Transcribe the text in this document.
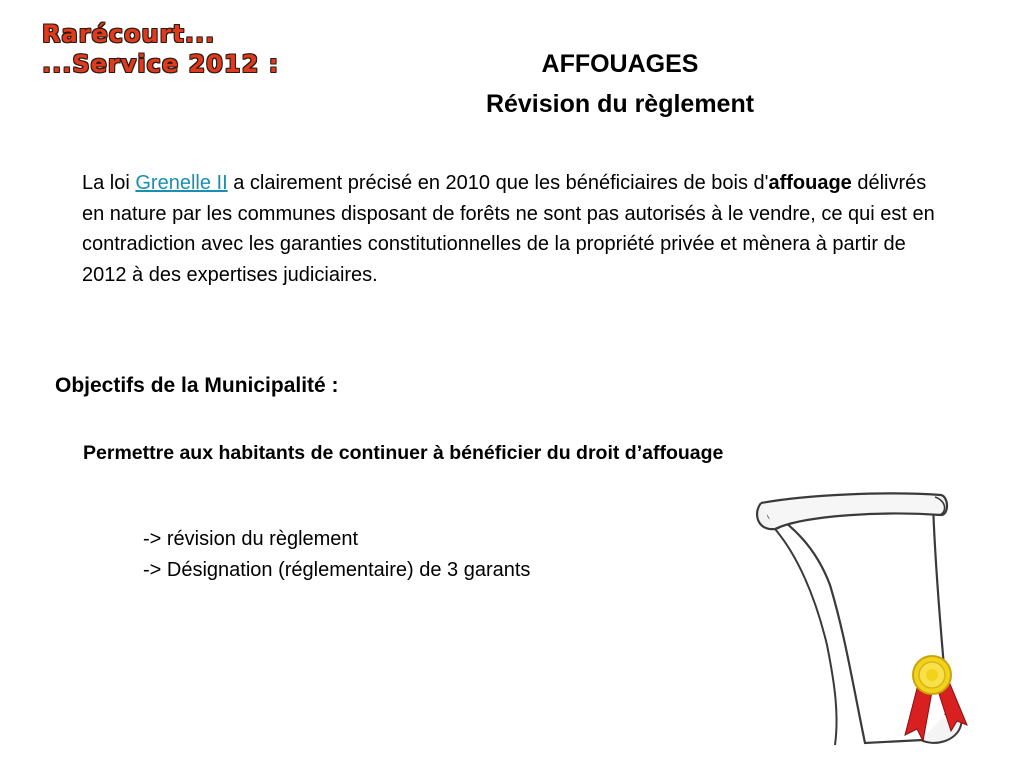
Rarécourt...
...Service 2012 :	AFFOUAGES
Révision du règlement
La loi Grenelle II a clairement précisé en 2010 que les bénéficiaires de bois d'affouage délivrés en nature par les communes disposant de forêts ne sont pas autorisés à le vendre, ce qui est en contradiction avec les garanties constitutionnelles de la propriété privée et mènera à partir de 2012 à des expertises judiciaires.
Objectifs de la Municipalité :
Permettre aux habitants de continuer à bénéficier du droit d’affouage
-> révision du règlement
-> Désignation (réglementaire) de 3 garants
